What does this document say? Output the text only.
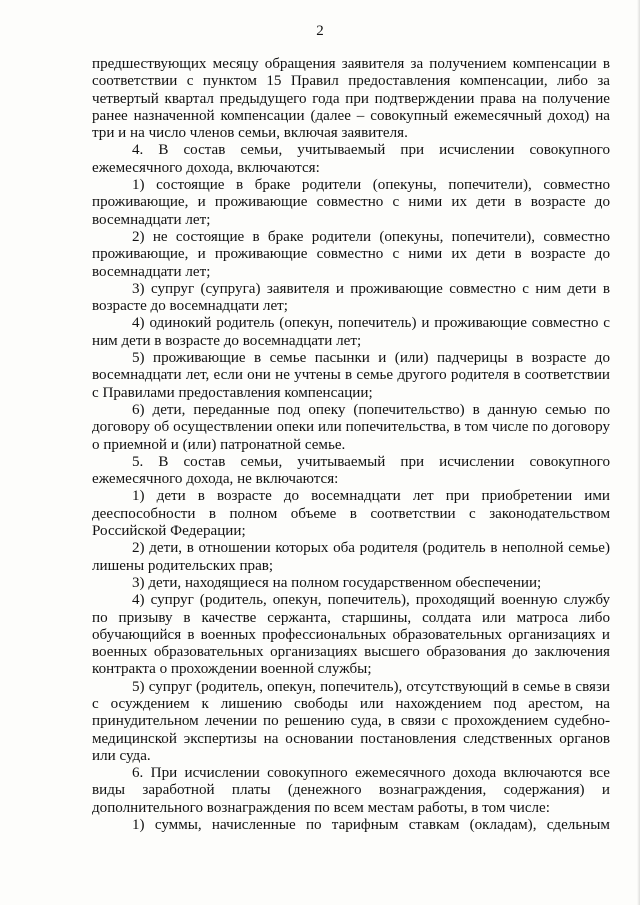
2
предшествующих месяцу обращения заявителя за получением компенсации в
соответствии с пунктом 15 Правил предоставления компенсации, либо за
четвертый квартал предыдущего года при подтверждении права на получение
ранее назначенной компенсации (далее – совокупный ежемесячный доход) на
три и на число членов семьи, включая заявителя.
4. В состав семьи, учитываемый при исчислении совокупного
ежемесячного дохода, включаются:
1) состоящие в браке родители (опекуны, попечители), совместно
проживающие, и проживающие совместно с ними их дети в возрасте до
восемнадцати лет;
2) не состоящие в браке родители (опекуны, попечители), совместно
проживающие, и проживающие совместно с ними их дети в возрасте до
восемнадцати лет;
3) супруг (супруга) заявителя и проживающие совместно с ним дети в
возрасте до восемнадцати лет;
4) одинокий родитель (опекун, попечитель) и проживающие совместно с
ним дети в возрасте до восемнадцати лет;
5) проживающие в семье пасынки и (или) падчерицы в возрасте до
восемнадцати лет, если они не учтены в семье другого родителя в соответствии
с Правилами предоставления компенсации;
6) дети, переданные под опеку (попечительство) в данную семью по
договору об осуществлении опеки или попечительства, в том числе по договору
о приемной и (или) патронатной семье.
5. В состав семьи, учитываемый при исчислении совокупного
ежемесячного дохода, не включаются:
1) дети в возрасте до восемнадцати лет при приобретении ими
дееспособности в полном объеме в соответствии с законодательством
Российской Федерации;
2) дети, в отношении которых оба родителя (родитель в неполной семье)
лишены родительских прав;
3) дети, находящиеся на полном государственном обеспечении;
4) супруг (родитель, опекун, попечитель), проходящий военную службу
по призыву в качестве сержанта, старшины, солдата или матроса либо
обучающийся в военных профессиональных образовательных организациях и
военных образовательных организациях высшего образования до заключения
контракта о прохождении военной службы;
5) супруг (родитель, опекун, попечитель), отсутствующий в семье в связи
с осуждением к лишению свободы или нахождением под арестом, на
принудительном лечении по решению суда, в связи с прохождением судебно-
медицинской экспертизы на основании постановления следственных органов
или суда.
6. При исчислении совокупного ежемесячного дохода включаются все
виды заработной платы (денежного вознаграждения, содержания) и
дополнительного вознаграждения по всем местам работы, в том числе:
1) суммы, начисленные по тарифным ставкам (окладам), сдельным
